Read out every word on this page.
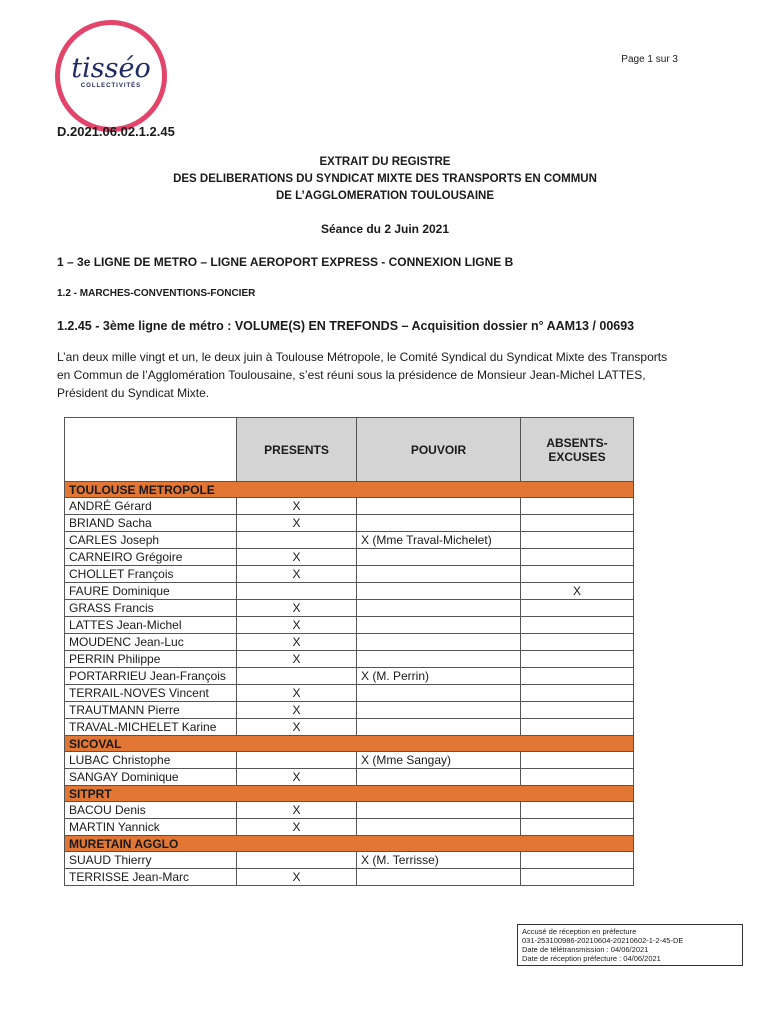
tisséo
COLLECTIVITÉS
Page 1 sur 3
D.2021.06.02.1.2.45
EXTRAIT DU REGISTRE
DES DELIBERATIONS DU SYNDICAT MIXTE DES TRANSPORTS EN COMMUN
DE L’AGGLOMERATION TOULOUSAINE
Séance du 2 Juin 2021
1 – 3e LIGNE DE METRO – LIGNE AEROPORT EXPRESS - CONNEXION LIGNE B
1.2 - MARCHES-CONVENTIONS-FONCIER
1.2.45 - 3ème ligne de métro : VOLUME(S) EN TREFONDS – Acquisition dossier n° AAM13 / 00693
L’an deux mille vingt et un, le deux juin à Toulouse Métropole, le Comité Syndical du Syndicat Mixte des Transports en Commun de l’Agglomération Toulousaine, s’est réuni sous la présidence de Monsieur Jean-Michel LATTES, Président du Syndicat Mixte.
	PRESENTS	POUVOIR	ABSENTS-
EXCUSES

TOULOUSE METROPOLE			
ANDRÉ Gérard	X		
BRIAND Sacha	X		
CARLES Joseph		X (Mme Traval-Michelet)	
CARNEIRO Grégoire	X		
CHOLLET François	X		
FAURE Dominique			X
GRASS Francis	X		
LATTES Jean-Michel	X		
MOUDENC Jean-Luc	X		
PERRIN Philippe	X		
PORTARRIEU Jean-François		X (M. Perrin)	
TERRAIL-NOVES Vincent	X		
TRAUTMANN Pierre	X		
TRAVAL-MICHELET Karine	X		
SICOVAL			
LUBAC Christophe		X (Mme Sangay)	
SANGAY Dominique	X		
SITPRT			
BACOU Denis	X		
MARTIN Yannick	X		
MURETAIN AGGLO			
SUAUD Thierry		X (M. Terrisse)	
TERRISSE Jean-Marc	X		
Accusé de réception en préfecture
031-253100986-20210604-20210602-1-2-45-DE
Date de télétransmission : 04/06/2021
Date de réception préfecture : 04/06/2021
